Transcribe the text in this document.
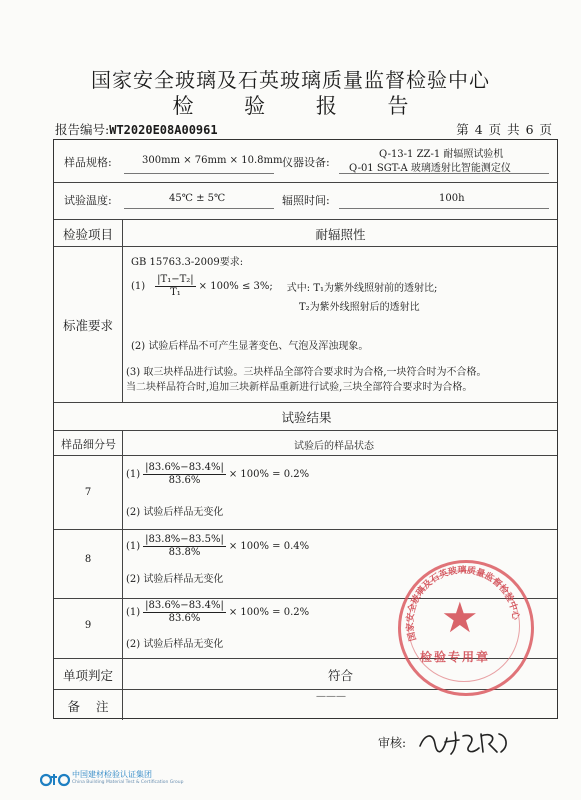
国家安全玻璃及石英玻璃质量监督检验中心
检 验 报 告
报告编号:WT2020E08A00961	第 4 页 共 6 页
样品规格:	300mm × 76mm × 10.8mm 仪器设备:
Q-13-1 ZZ-1 耐辐照试验机
Q-01 SGT-A 玻璃透射比智能测定仪
试验温度:	45℃ ± 5℃	辐照时间:	100h
检验项目	耐辐照性
标准要求
GB 15763.3-2009要求:
$(1) \frac{\text{|T₁−T₂|}}{\text{T₁}} \times 100\% \le 3\%$; 式中: T₁为紫外线照射前的透射比;
T₂为紫外线照射后的透射比
(2) 试验后样品不可产生显著变色、气泡及浑浊现象。
(3) 取三块样品进行试验。三块样品全部符合要求时为合格,一块符合时为不合格。
当二块样品符合时,追加三块新样品重新进行试验,三块全部符合要求时为合格。
试验结果
样品细分号	试验后的样品状态
7
$(1) \frac{|83.6\%-83.4\%|}{83.6\%} \times 100\% = 0.2\%$
(2) 试验后样品无变化
8
$(1) \frac{|83.8\%-83.5\%|}{83.8\%} \times 100\% = 0.4\%$
(2) 试验后样品无变化
9
$(1) \frac{|83.6\%-83.4\%|}{83.6\%} \times 100\% = 0.2\%$
(2) 试验后样品无变化
单项判定	符合
备    注
———
国家安全玻璃及石英玻璃质量监督检验中心
★
检验专用章
审核:
中国建材检验认证集团
China Building Material Test & Certification Group
